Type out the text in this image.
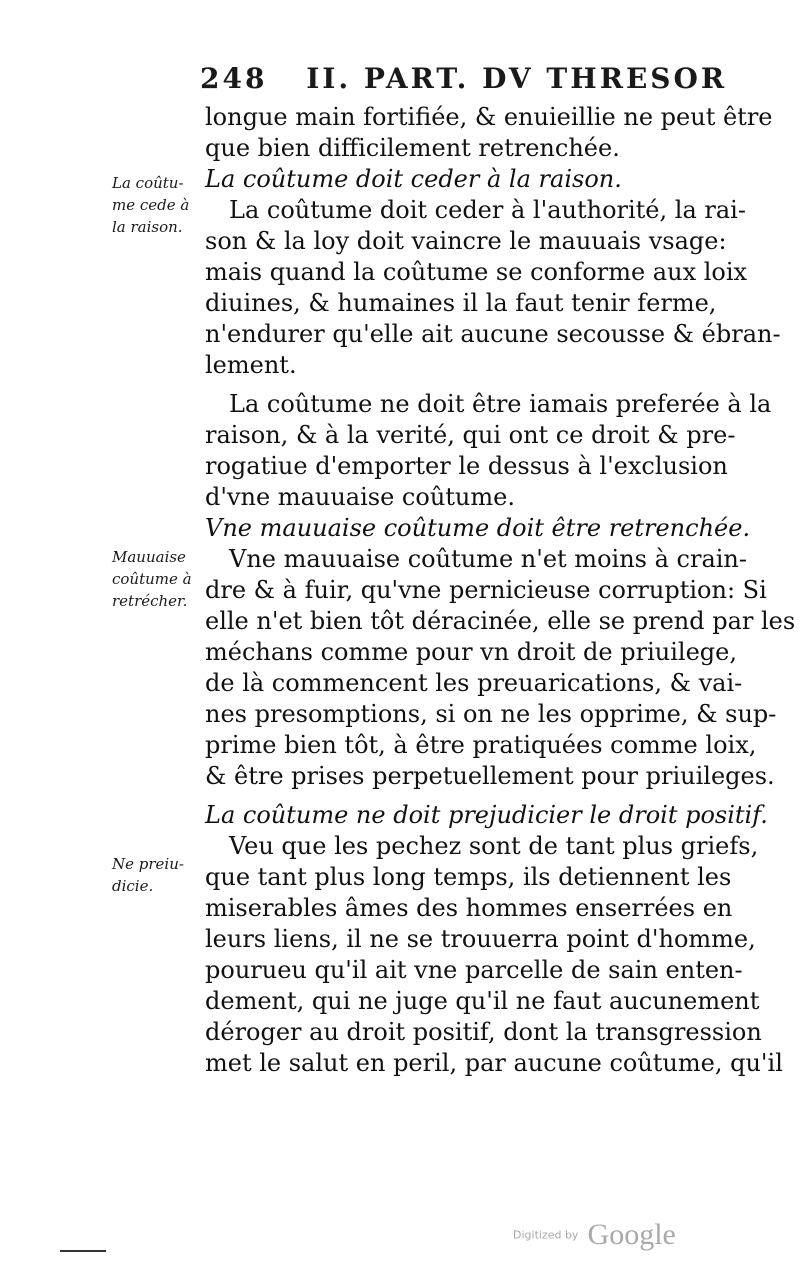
248 II. PART. DV THRESOR
La coûtu-
me cede à
la raison.
Mauuaise
coûtume à
retrécher.
Ne preiu-
dicie.
longue main fortifiée, & enuieillie ne peut être
que bien difficilement retrenchée.
La coûtume doit ceder à la raison.
La coûtume doit ceder à l'authorité, la rai-
son & la loy doit vaincre le mauuais vsage:
mais quand la coûtume se conforme aux loix
diuines, & humaines il la faut tenir ferme,
n'endurer qu'elle ait aucune secousse & ébran-
lement.
La coûtume ne doit être iamais preferée à la
raison, & à la verité, qui ont ce droit & pre-
rogatiue d'emporter le dessus à l'exclusion
d'vne mauuaise coûtume.
Vne mauuaise coûtume doit être retrenchée.
Vne mauuaise coûtume n'et moins à crain-
dre & à fuir, qu'vne pernicieuse corruption: Si
elle n'et bien tôt déracinée, elle se prend par les
méchans comme pour vn droit de priuilege,
de là commencent les preuarications, & vai-
nes presomptions, si on ne les opprime, & sup-
prime bien tôt, à être pratiquées comme loix,
& être prises perpetuellement pour priuileges.
La coûtume ne doit prejudicier le droit positif.
Veu que les pechez sont de tant plus griefs,
que tant plus long temps, ils detiennent les
miserables âmes des hommes enserrées en
leurs liens, il ne se trouuerra point d'homme,
pourueu qu'il ait vne parcelle de sain enten-
dement, qui ne juge qu'il ne faut aucunement
déroger au droit positif, dont la transgression
met le salut en peril, par aucune coûtume, qu'il
Digitized by Google
